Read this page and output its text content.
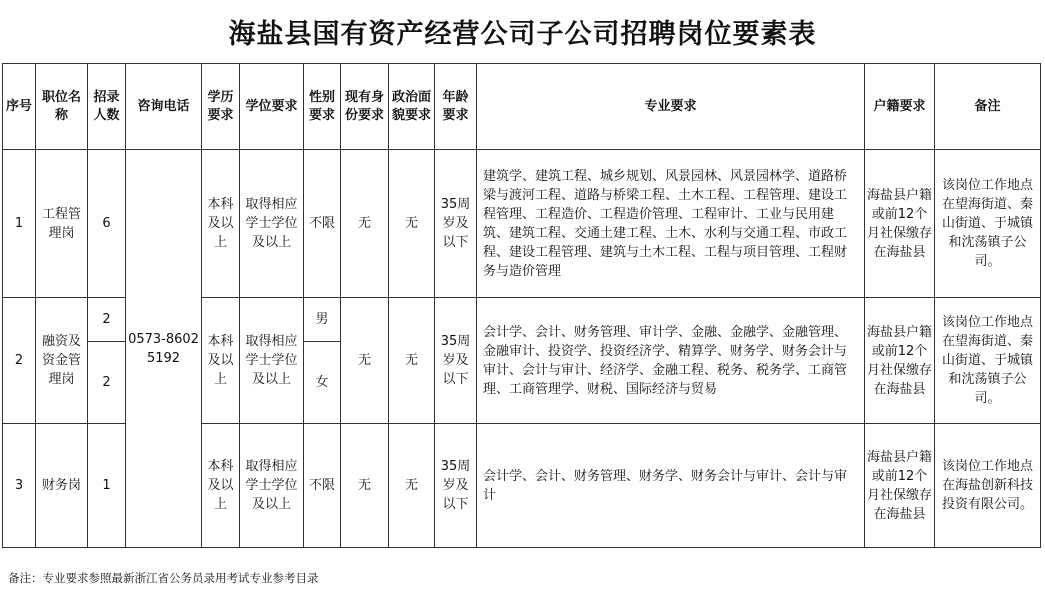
海盐县国有资产经营公司子公司招聘岗位要素表
序号	职位名称	招录人数	咨询电话	学历要求	学位要求	性别要求	现有身份要求	政治面貌要求	年龄要求	专业要求	户籍要求	备注
1	工程管理岗	6	0573-86025192	本科及以上	取得相应学士学位及以上	不限	无	无	35周岁及以下	建筑学、建筑工程、城乡规划、风景园林、风景园林学、道路桥梁与渡河工程、道路与桥梁工程、土木工程、工程管理、建设工程管理、工程造价、工程造价管理、工程审计、工业与民用建筑、建筑工程、交通土建工程、土木、水利与交通工程、市政工程、建设工程管理、建筑与土木工程、工程与项目管理、工程财务与造价管理	海盐县户籍或前12个月社保缴存在海盐县	该岗位工作地点在望海街道、秦山街道、于城镇和沈荡镇子公司。
2	融资及资金管理岗	2		本科及以上	取得相应学士学位及以上	男	无	无	35周岁及以下	会计学、会计、财务管理、审计学、金融、金融学、金融管理、金融审计、投资学、投资经济学、精算学、财务学、财务会计与审计、会计与审计、经济学、金融工程、税务、税务学、工商管理、工商管理学、财税、国际经济与贸易	海盐县户籍或前12个月社保缴存在海盐县	该岗位工作地点在望海街道、秦山街道、于城镇和沈荡镇子公司。
		2				女						
3	财务岗	1		本科及以上	取得相应学士学位及以上	不限	无	无	35周岁及以下	会计学、会计、财务管理、财务学、财务会计与审计、会计与审计	海盐县户籍或前12个月社保缴存在海盐县	该岗位工作地点在海盐创新科技投资有限公司。
备注：专业要求参照最新浙江省公务员录用考试专业参考目录
